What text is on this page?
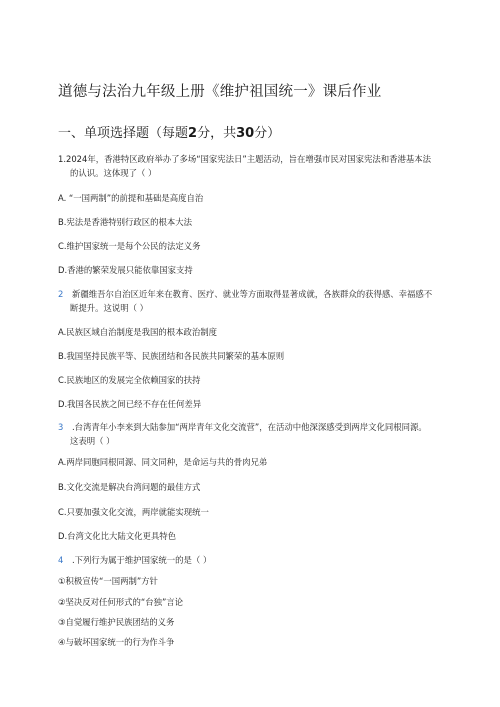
道德与法治九年级上册《维护祖国统一》课后作业
一、单项选择题（每题2分，共30分）
1.2024年，香港特区政府举办了多场“国家宪法日”主题活动，旨在增强市民对国家宪法和香港基本法
的认识。这体现了（ ）
A. “一国两制”的前提和基础是高度自治
B.宪法是香港特别行政区的根本大法
C.维护国家统一是每个公民的法定义务
D.香港的繁荣发展只能依靠国家支持
2 新疆维吾尔自治区近年来在教育、医疗、就业等方面取得显著成就，各族群众的获得感、幸福感不
断提升。这说明（ ）
A.民族区域自治制度是我国的根本政治制度
B.我国坚持民族平等、民族团结和各民族共同繁荣的基本原则
C.民族地区的发展完全依赖国家的扶持
D.我国各民族之间已经不存在任何差异
3 .台湾青年小李来到大陆参加“两岸青年文化交流营”，在活动中他深深感受到两岸文化同根同源。
这表明（ ）
A.两岸同胞同根同源、同文同种，是命运与共的骨肉兄弟
B.文化交流是解决台湾问题的最佳方式
C.只要加强文化交流，两岸就能实现统一
D.台湾文化比大陆文化更具特色
4 .下列行为属于维护国家统一的是（ ）
①积极宣传“一国两制”方针
②坚决反对任何形式的“台独”言论
③自觉履行维护民族团结的义务
④与破坏国家统一的行为作斗争
